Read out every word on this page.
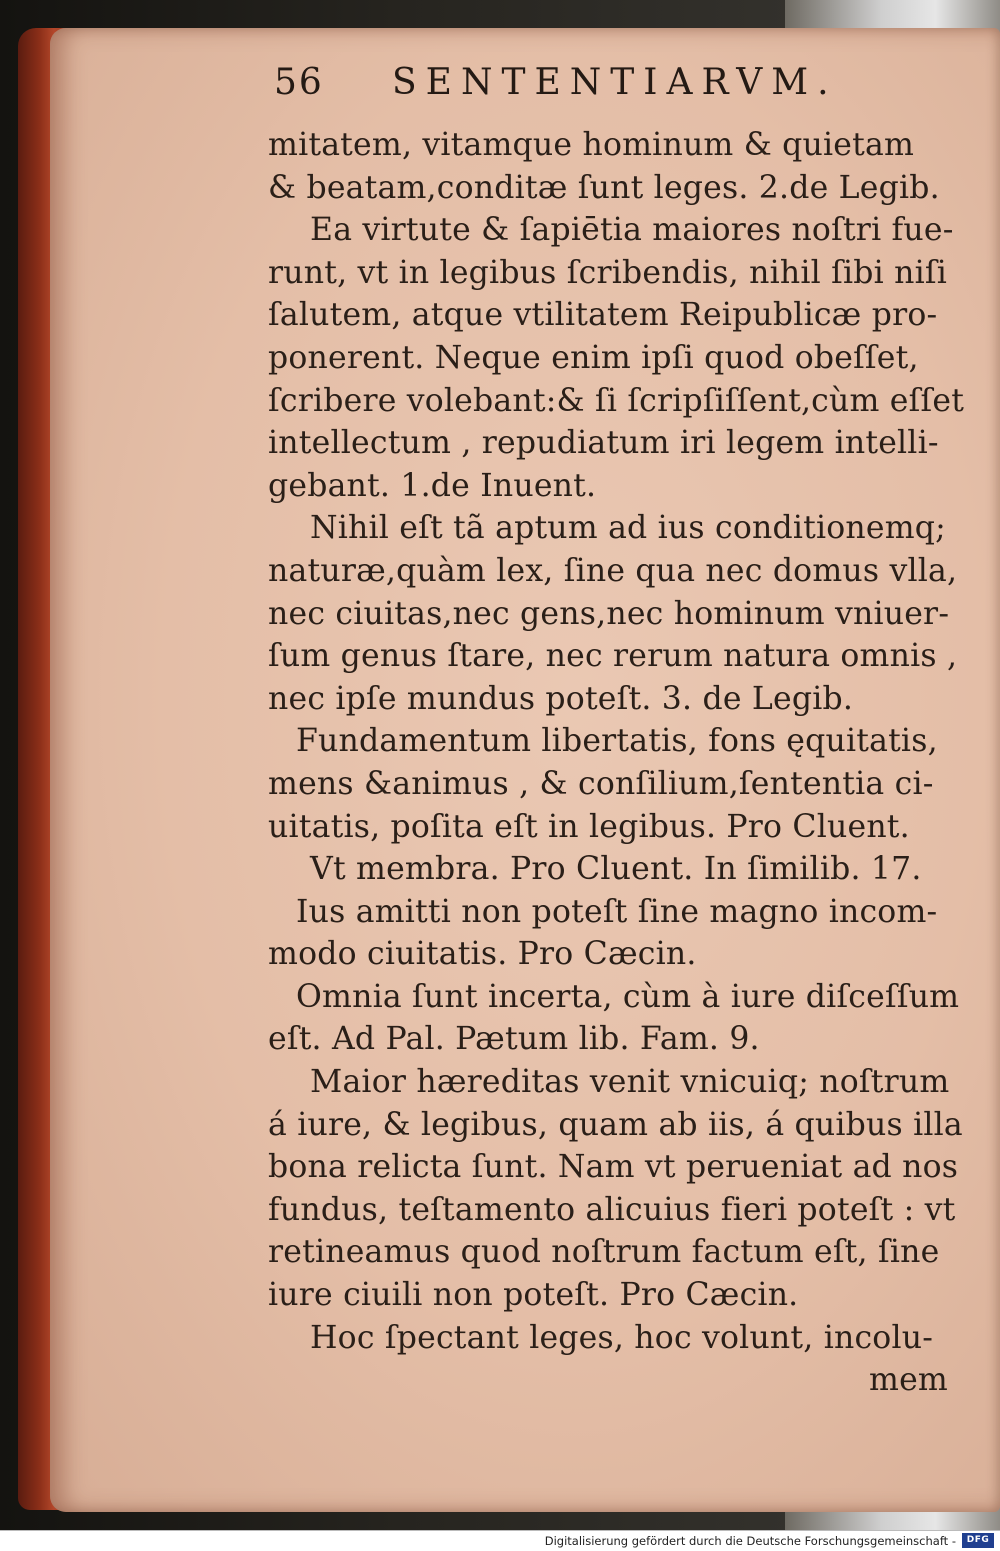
56 SENTENTIARVM.
mitatem, vitamque hominum & quietam
& beatam,conditæ ſunt leges. 2.de Legib.
Ea virtute & ſapiētia maiores noſtri fue-
runt, vt in legibus ſcribendis, nihil ſibi niſi
ſalutem, atque vtilitatem Reipublicæ pro-
ponerent. Neque enim ipſi quod obeſſet,
ſcribere volebant:& ſi ſcripſiſſent,cùm eſſet
intellectum , repudiatum iri legem intelli-
gebant. 1.de Inuent.
Nihil eſt tã aptum ad ius conditionemq;
naturæ,quàm lex, ſine qua nec domus vlla,
nec ciuitas,nec gens,nec hominum vniuer-
ſum genus ſtare, nec rerum natura omnis ,
nec ipſe mundus poteſt. 3. de Legib.
Fundamentum libertatis, fons ęquitatis,
mens &animus , & conſilium,ſententia ci-
uitatis, poſita eſt in legibus. Pro Cluent.
Vt membra. Pro Cluent. In ſimilib. 17.
Ius amitti non poteſt ſine magno incom-
modo ciuitatis. Pro Cæcin.
Omnia ſunt incerta, cùm à iure diſceſſum
eſt. Ad Pal. Pætum lib. Fam. 9.
Maior hæreditas venit vnicuiq; noſtrum
á iure, & legibus, quam ab iis, á quibus illa
bona relicta ſunt. Nam vt perueniat ad nos
fundus, teſtamento alicuius fieri poteſt : vt
retineamus quod noſtrum factum eſt, ſine
iure ciuili non poteſt. Pro Cæcin.
Hoc ſpectant leges, hoc volunt, incolu-
mem
Digitalisierung gefördert durch die Deutsche Forschungsgemeinschaft -	DFG
